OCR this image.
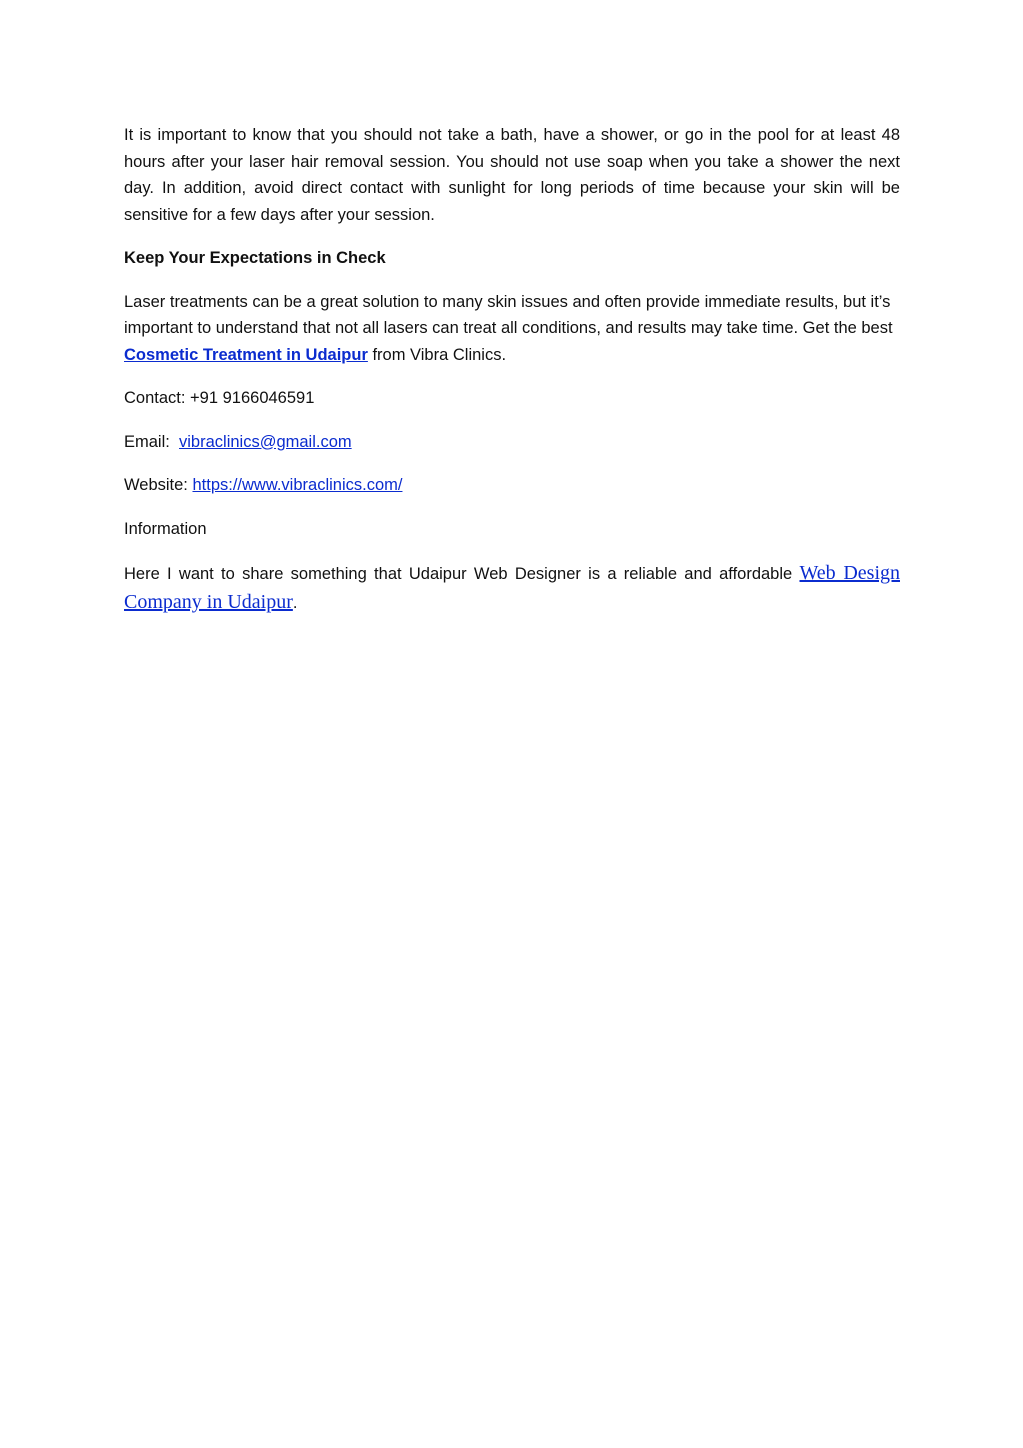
It is important to know that you should not take a bath, have a shower, or go in the pool for at least 48 hours after your laser hair removal session. You should not use soap when you take a shower the next day. In addition, avoid direct contact with sunlight for long periods of time because your skin will be sensitive for a few days after your session.

Keep Your Expectations in Check

Laser treatments can be a great solution to many skin issues and often provide immediate results, but it’s important to understand that not all lasers can treat all conditions, and results may take time. Get the best Cosmetic Treatment in Udaipur from Vibra Clinics.

Contact: +91 9166046591

Email:  vibraclinics@gmail.com

Website: https://www.vibraclinics.com/

Information

Here I want to share something that Udaipur Web Designer is a reliable and affordable Web Design Company in Udaipur.
